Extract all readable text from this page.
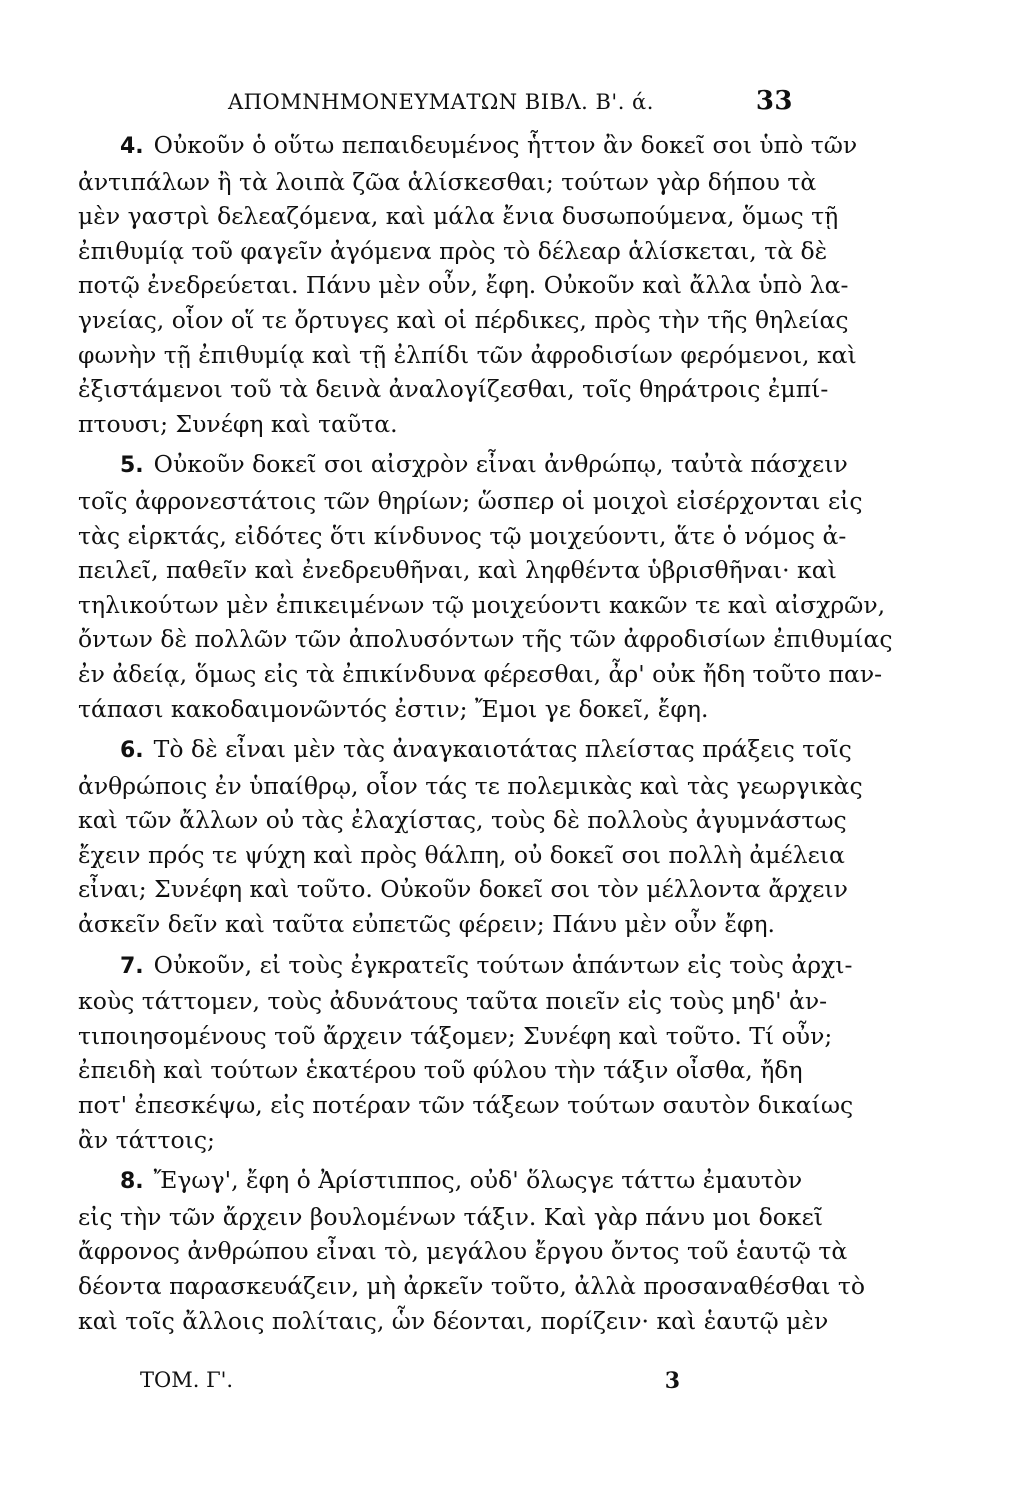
ΑΠΟΜΝΗΜΟΝΕΥΜΑΤΩΝ ΒΙΒΛ. Β'. ά.	33
4. Οὐκοῦν ὁ οὕτω πεπαιδευμένος ἧττον ἂν δοκεῖ σοι ὑπὸ τῶν
ἀντιπάλων ἢ τὰ λοιπὰ ζῶα ἁλίσκεσθαι; τούτων γὰρ δήπου τὰ
μὲν γαστρὶ δελεαζόμενα, καὶ μάλα ἔνια δυσωπούμενα, ὅμως τῇ
ἐπιθυμίᾳ τοῦ φαγεῖν ἀγόμενα πρὸς τὸ δέλεαρ ἁλίσκεται, τὰ δὲ
ποτῷ ἐνεδρεύεται. Πάνυ μὲν οὖν, ἔφη. Οὐκοῦν καὶ ἄλλα ὑπὸ λα-
γνείας, οἷον οἵ τε ὄρτυγες καὶ οἱ πέρδικες, πρὸς τὴν τῆς θηλείας
φωνὴν τῇ ἐπιθυμίᾳ καὶ τῇ ἐλπίδι τῶν ἀφροδισίων φερόμενοι, καὶ
ἐξιστάμενοι τοῦ τὰ δεινὰ ἀναλογίζεσθαι, τοῖς θηράτροις ἐμπί-
πτουσι; Συνέφη καὶ ταῦτα.
5. Οὐκοῦν δοκεῖ σοι αἰσχρὸν εἶναι ἀνθρώπῳ, ταὐτὰ πάσχειν
τοῖς ἀφρονεστάτοις τῶν θηρίων; ὥσπερ οἱ μοιχοὶ εἰσέρχονται εἰς
τὰς εἱρκτάς, εἰδότες ὅτι κίνδυνος τῷ μοιχεύοντι, ἅτε ὁ νόμος ἀ-
πειλεῖ, παθεῖν καὶ ἐνεδρευθῆναι, καὶ ληφθέντα ὑβρισθῆναι· καὶ
τηλικούτων μὲν ἐπικειμένων τῷ μοιχεύοντι κακῶν τε καὶ αἰσχρῶν,
ὄντων δὲ πολλῶν τῶν ἀπολυσόντων τῆς τῶν ἀφροδισίων ἐπιθυμίας
ἐν ἀδείᾳ, ὅμως εἰς τὰ ἐπικίνδυνα φέρεσθαι, ἆρ' οὐκ ἤδη τοῦτο παν-
τάπασι κακοδαιμονῶντός ἐστιν; Ἔμοι γε δοκεῖ, ἔφη.
6. Τὸ δὲ εἶναι μὲν τὰς ἀναγκαιοτάτας πλείστας πράξεις τοῖς
ἀνθρώποις ἐν ὑπαίθρῳ, οἷον τάς τε πολεμικὰς καὶ τὰς γεωργικὰς
καὶ τῶν ἄλλων οὐ τὰς ἐλαχίστας, τοὺς δὲ πολλοὺς ἀγυμνάστως
ἔχειν πρός τε ψύχη καὶ πρὸς θάλπη, οὐ δοκεῖ σοι πολλὴ ἀμέλεια
εἶναι; Συνέφη καὶ τοῦτο. Οὐκοῦν δοκεῖ σοι τὸν μέλλοντα ἄρχειν
ἀσκεῖν δεῖν καὶ ταῦτα εὐπετῶς φέρειν; Πάνυ μὲν οὖν ἔφη.
7. Οὐκοῦν, εἰ τοὺς ἐγκρατεῖς τούτων ἁπάντων εἰς τοὺς ἀρχι-
κοὺς τάττομεν, τοὺς ἀδυνάτους ταῦτα ποιεῖν εἰς τοὺς μηδ' ἀν-
τιποιησομένους τοῦ ἄρχειν τάξομεν; Συνέφη καὶ τοῦτο. Τί οὖν;
ἐπειδὴ καὶ τούτων ἑκατέρου τοῦ φύλου τὴν τάξιν οἶσθα, ἤδη
ποτ' ἐπεσκέψω, εἰς ποτέραν τῶν τάξεων τούτων σαυτὸν δικαίως
ἂν τάττοις;
8. Ἔγωγ', ἔφη ὁ Ἀρίστιππος, οὐδ' ὅλωςγε τάττω ἐμαυτὸν
εἰς τὴν τῶν ἄρχειν βουλομένων τάξιν. Καὶ γὰρ πάνυ μοι δοκεῖ
ἄφρονος ἀνθρώπου εἶναι τὸ, μεγάλου ἔργου ὄντος τοῦ ἑαυτῷ τὰ
δέοντα παρασκευάζειν, μὴ ἀρκεῖν τοῦτο, ἀλλὰ προσαναθέσθαι τὸ
καὶ τοῖς ἄλλοις πολίταις, ὧν δέονται, πορίζειν· καὶ ἑαυτῷ μὲν
ΤΟΜ. Γ'.	3
